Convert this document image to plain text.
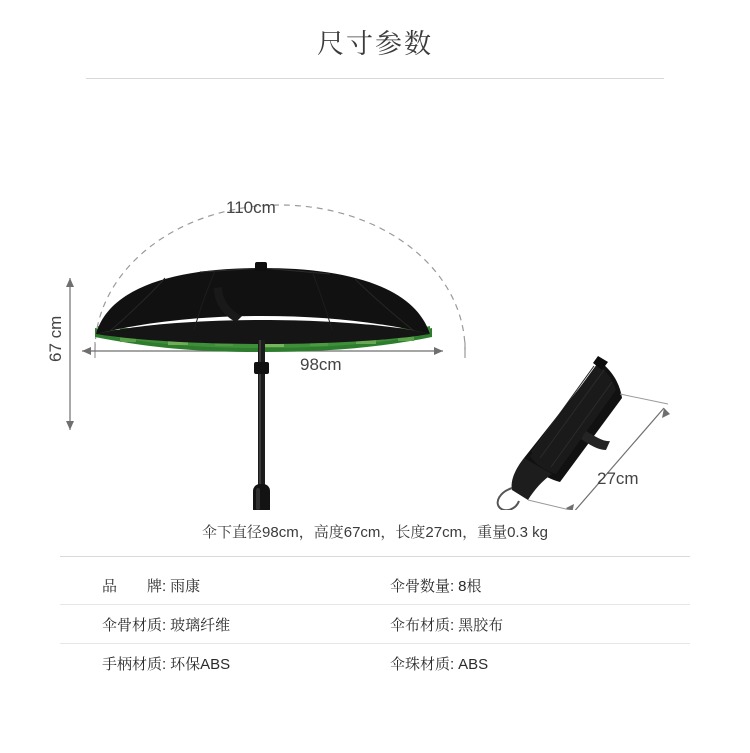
尺寸参数
110cm
98cm
67 cm
27cm
伞下直径98cm，高度67cm，长度27cm，重量0.3 kg
品　　牌: 雨康	伞骨数量: 8根
伞骨材质: 玻璃纤维	伞布材质: 黑胶布
手柄材质: 环保ABS	伞珠材质: ABS
